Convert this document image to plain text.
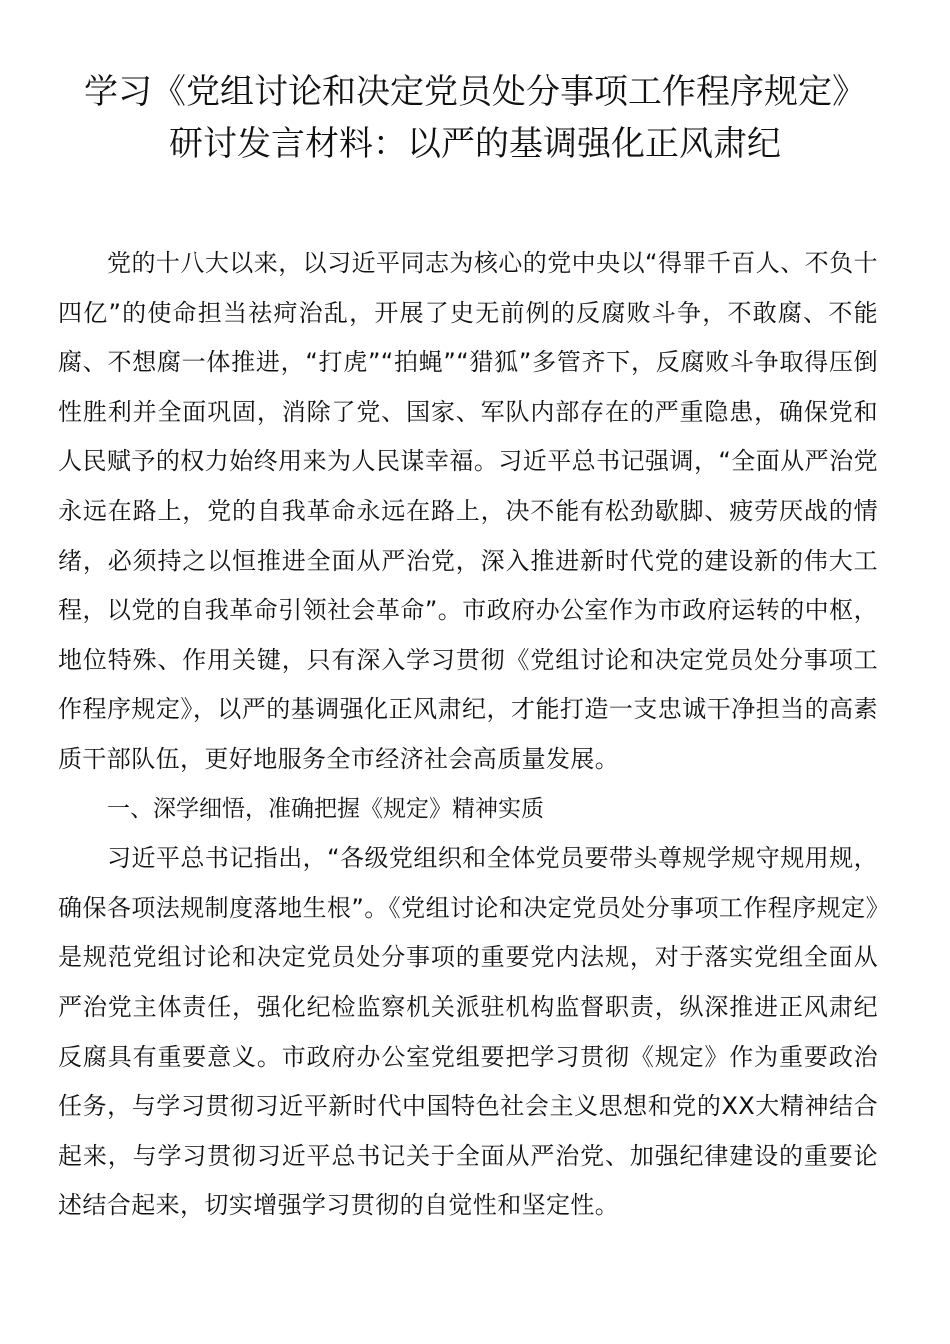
学习《党组讨论和决定党员处分事项工作程序规定》
研讨发言材料：以严的基调强化正风肃纪

党的十八大以来，以习近平同志为核心的党中央以“得罪千百人、不负十四亿”的使命担当祛疴治乱，开展了史无前例的反腐败斗争，不敢腐、不能腐、不想腐一体推进，“打虎”“拍蝇”“猎狐”多管齐下，反腐败斗争取得压倒性胜利并全面巩固，消除了党、国家、军队内部存在的严重隐患，确保党和人民赋予的权力始终用来为人民谋幸福。习近平总书记强调，“全面从严治党永远在路上，党的自我革命永远在路上，决不能有松劲歇脚、疲劳厌战的情绪，必须持之以恒推进全面从严治党，深入推进新时代党的建设新的伟大工程，以党的自我革命引领社会革命”。市政府办公室作为市政府运转的中枢，地位特殊、作用关键，只有深入学习贯彻《党组讨论和决定党员处分事项工作程序规定》，以严的基调强化正风肃纪，才能打造一支忠诚干净担当的高素质干部队伍，更好地服务全市经济社会高质量发展。

一、深学细悟，准确把握《规定》精神实质

习近平总书记指出，“各级党组织和全体党员要带头尊规学规守规用规，确保各项法规制度落地生根”。《党组讨论和决定党员处分事项工作程序规定》是规范党组讨论和决定党员处分事项的重要党内法规，对于落实党组全面从严治党主体责任，强化纪检监察机关派驻机构监督职责，纵深推进正风肃纪反腐具有重要意义。市政府办公室党组要把学习贯彻《规定》作为重要政治任务，与学习贯彻习近平新时代中国特色社会主义思想和党的XX大精神结合起来，与学习贯彻习近平总书记关于全面从严治党、加强纪律建设的重要论述结合起来，切实增强学习贯彻的自觉性和坚定性。
